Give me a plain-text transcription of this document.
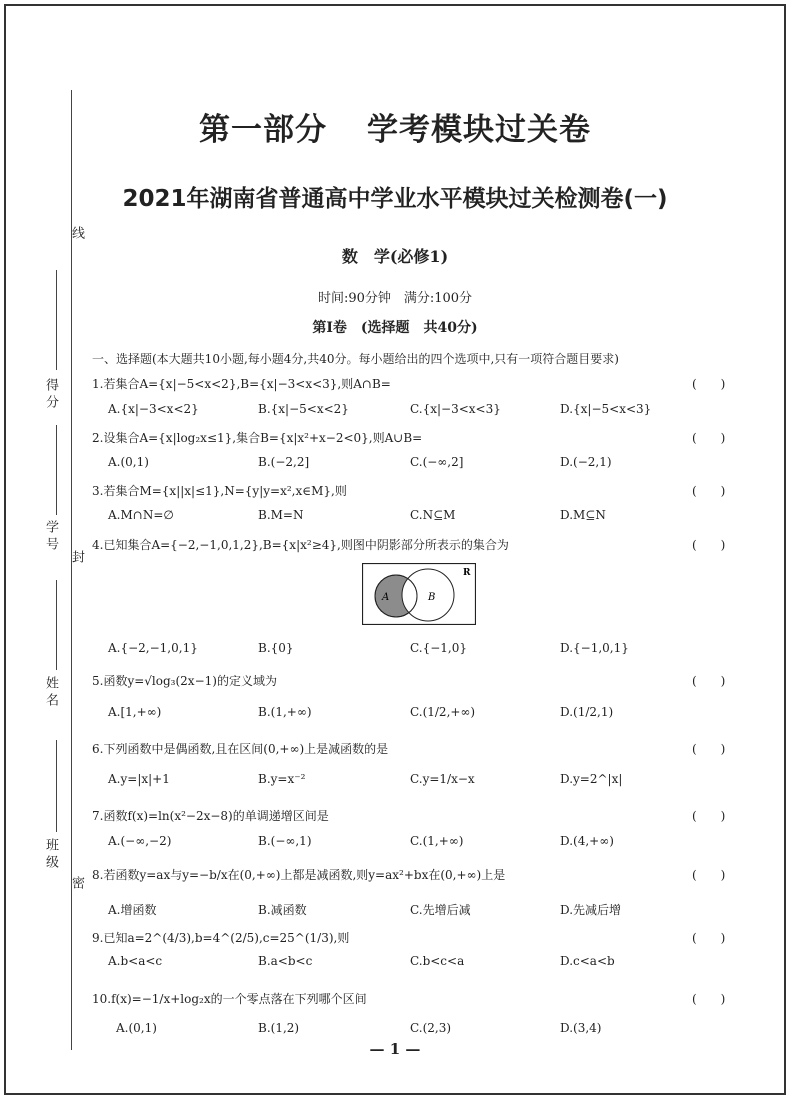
线
封
密
得分
学号
姓名
班级
第一部分 学考模块过关卷
2021年湖南省普通高中学业水平模块过关检测卷(一)
数　学(必修1)
时间:90分钟　满分:100分
第Ⅰ卷　(选择题　共40分)
一、选择题(本大题共10小题,每小题4分,共40分。每小题给出的四个选项中,只有一项符合题目要求)
1.若集合A={x|−5<x<2},B={x|−3<x<3},则A∩B=	(　　)
A.{x|−3<x<2}	B.{x|−5<x<2}	C.{x|−3<x<3}	D.{x|−5<x<3}
2.设集合A={x|log₂x≤1},集合B={x|x²+x−2<0},则A∪B=	(　　)
A.(0,1)	B.(−2,2]	C.(−∞,2]	D.(−2,1)
3.若集合M={x||x|≤1},N={y|y=x²,x∈M},则	(　　)
A.M∩N=∅	B.M=N	C.N⊆M	D.M⊆N
4.已知集合A={−2,−1,0,1,2},B={x|x²≥4},则图中阴影部分所表示的集合为	(　　)
R
A	B
A.{−2,−1,0,1}	B.{0}	C.{−1,0}	D.{−1,0,1}
5.函数y=√log₃(2x−1)的定义域为	(　　)
A.[1,+∞)	B.(1,+∞)	C.(1/2,+∞)	D.(1/2,1)
6.下列函数中是偶函数,且在区间(0,+∞)上是减函数的是	(　　)
A.y=|x|+1	B.y=x⁻²	C.y=1/x−x	D.y=2^|x|
7.函数f(x)=ln(x²−2x−8)的单调递增区间是	(　　)
A.(−∞,−2)	B.(−∞,1)	C.(1,+∞)	D.(4,+∞)
8.若函数y=ax与y=−b/x在(0,+∞)上都是减函数,则y=ax²+bx在(0,+∞)上是	(　　)
A.增函数	B.减函数	C.先增后减	D.先减后增
9.已知a=2^(4/3),b=4^(2/5),c=25^(1/3),则	(　　)
A.b<a<c	B.a<b<c	C.b<c<a	D.c<a<b
10.f(x)=−1/x+log₂x的一个零点落在下列哪个区间	(　　)
A.(0,1)	B.(1,2)	C.(2,3)	D.(3,4)
— 1 —
